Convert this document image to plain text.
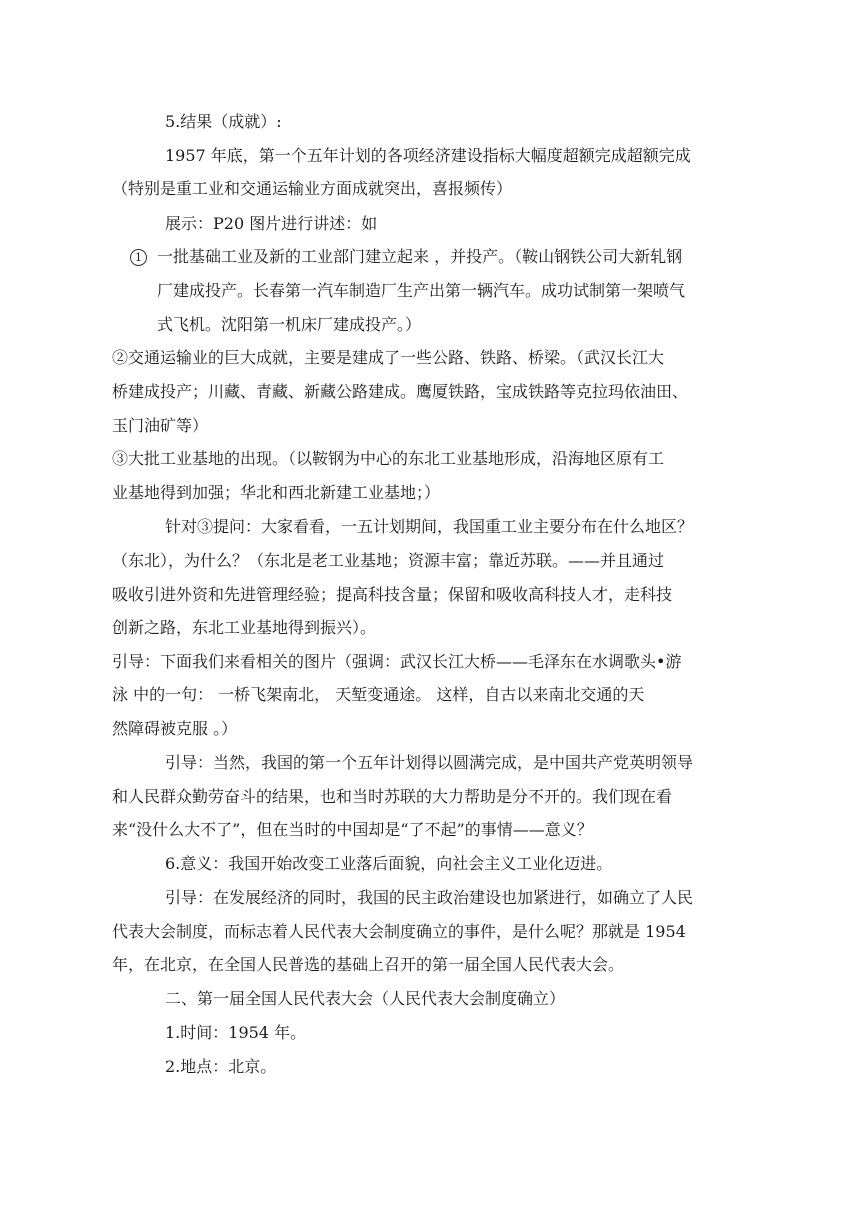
5.结果（成就）:
1957 年底，第一个五年计划的各项经济建设指标大幅度超额完成超额完成
（特别是重工业和交通运输业方面成就突出，喜报频传）
展示：P20 图片进行讲述：如
1 一批基础工业及新的工业部门建立起来 ，并投产。（鞍山钢铁公司大新轧钢
厂建成投产。长春第一汽车制造厂生产出第一辆汽车。成功试制第一架喷气
式飞机。沈阳第一机床厂建成投产。）
②交通运输业的巨大成就，主要是建成了一些公路、铁路、桥梁。（武汉长江大
桥建成投产；川藏、青藏、新藏公路建成。鹰厦铁路，宝成铁路等克拉玛依油田、
玉门油矿等）
③大批工业基地的出现。（以鞍钢为中心的东北工业基地形成，沿海地区原有工
业基地得到加强；华北和西北新建工业基地；）
针对③提问：大家看看，一五计划期间，我国重工业主要分布在什么地区？
（东北），为什么？（东北是老工业基地；资源丰富；靠近苏联。——并且通过
吸收引进外资和先进管理经验；提高科技含量；保留和吸收高科技人才，走科技
创新之路，东北工业基地得到振兴）。
引导：下面我们来看相关的图片（强调：武汉长江大桥——毛泽东在水调歌头•游
泳 中的一句： 一桥飞架南北， 天堑变通途。 这样，自古以来南北交通的天
然障碍被克服 。）
引导：当然，我国的第一个五年计划得以圆满完成，是中国共产党英明领导
和人民群众勤劳奋斗的结果，也和当时苏联的大力帮助是分不开的。我们现在看
来“没什么大不了”，但在当时的中国却是“了不起”的事情——意义？
6.意义：我国开始改变工业落后面貌，向社会主义工业化迈进。
引导：在发展经济的同时，我国的民主政治建设也加紧进行，如确立了人民
代表大会制度，而标志着人民代表大会制度确立的事件，是什么呢？那就是 1954
年，在北京，在全国人民普选的基础上召开的第一届全国人民代表大会。
二、第一届全国人民代表大会（人民代表大会制度确立）
1.时间：1954 年。
2.地点：北京。
